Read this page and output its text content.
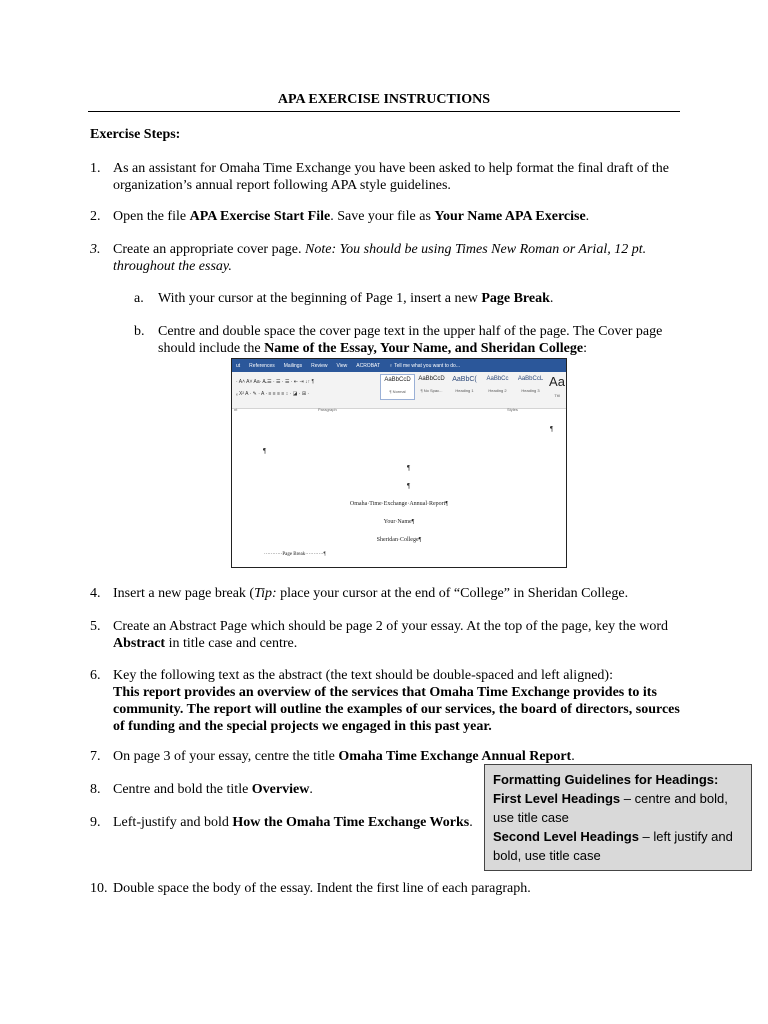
APA EXERCISE INSTRUCTIONS
Exercise Steps:
1. As an assistant for Omaha Time Exchange you have been asked to help format the final draft of the organization’s annual report following APA style guidelines.
2. Open the file APA Exercise Start File. Save your file as Your Name APA Exercise.
3. Create an appropriate cover page. Note: You should be using Times New Roman or Arial, 12 pt. throughout the essay.
a.	With your cursor at the beginning of Page 1, insert a new Page Break.
b. Centre and double space the cover page text in the upper half of the page. The Cover page should include the Name of the Essay, Your Name, and Sheridan College:
ut References Mailings Review View ACROBAT ♀ Tell me what you want to do...
· A˄ A˅ Aa· A̶ ☰ · ☰ · ☰ · ⇤ ⇥ ↓↑ ¶
ₓ X² A · ✎ · A · ≡ ≡ ≡ ≡ ↕ · ◪ · ⊞ ·
AaBbCcD
¶ Normal
AaBbCcD
¶ No Spac...
AaBbC(
Heading 1
AaBbCc
Heading 2
AaBbCcL
Heading 3
Aa
Titl
nt	Paragraph	Styles
¶
¶
¶
¶
Omaha·Time·Exchange·Annual·Report¶
Your·Name¶
Sheridan·College¶
···········Page Break···········¶
4. Insert a new page break (Tip: place your cursor at the end of “College” in Sheridan College.
5. Create an Abstract Page which should be page 2 of your essay. At the top of the page, key the word Abstract in title case and centre.
6. Key the following text as the abstract (the text should be double-spaced and left aligned):
This report provides an overview of the services that Omaha Time Exchange provides to its community. The report will outline the examples of our services, the board of directors, sources of funding and the special projects we engaged in this past year.
7. On page 3 of your essay, centre the title Omaha Time Exchange Annual Report.
8. Centre and bold the title Overview.
9. Left-justify and bold How the Omaha Time Exchange Works.
10. Double space the body of the essay. Indent the first line of each paragraph.
Formatting Guidelines for Headings:
First Level Headings – centre and bold, use title case
Second Level Headings – left justify and bold, use title case
